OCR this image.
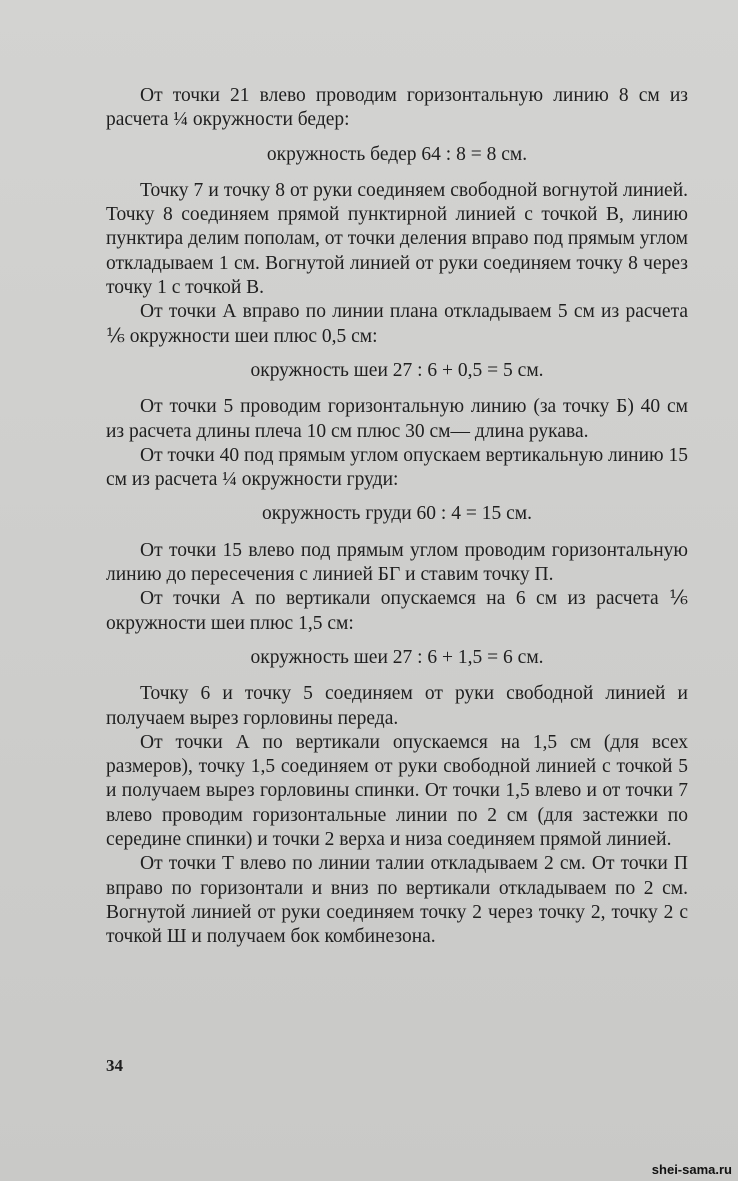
От точки 21 влево проводим горизонтальную линию 8 см из расчета ¼ окружности бедер:

окружность бедер 64 : 8 = 8 см.

Точку 7 и точку 8 от руки соединяем свободной вогнутой линией. Точку 8 соединяем прямой пунктирной линией с точкой В, линию пунктира делим пополам, от точки деления вправо под прямым углом откладываем 1 см. Вогнутой линией от руки соединяем точку 8 через точку 1 с точкой В.

От точки А вправо по линии плана откладываем 5 см из расчета ⅙ окружности шеи плюс 0,5 см:

окружность шеи 27 : 6 + 0,5 = 5 см.

От точки 5 проводим горизонтальную линию (за точку Б) 40 см из расчета длины плеча 10 см плюс 30 см— длина рукава.

От точки 40 под прямым углом опускаем вертикальную линию 15 см из расчета ¼ окружности груди:

окружность груди 60 : 4 = 15 см.

От точки 15 влево под прямым углом проводим горизонтальную линию до пересечения с линией БГ и ставим точку П.

От точки А по вертикали опускаемся на 6 см из расчета ⅙ окружности шеи плюс 1,5 см:

окружность шеи 27 : 6 + 1,5 = 6 см.

Точку 6 и точку 5 соединяем от руки свободной линией и получаем вырез горловины переда.

От точки А по вертикали опускаемся на 1,5 см (для всех размеров), точку 1,5 соединяем от руки свободной линией с точкой 5 и получаем вырез горловины спинки. От точки 1,5 влево и от точки 7 влево проводим горизонтальные линии по 2 см (для застежки по середине спинки) и точки 2 верха и низа соединяем прямой линией.

От точки Т влево по линии талии откладываем 2 см. От точки П вправо по горизонтали и вниз по вертикали откладываем по 2 см. Вогнутой линией от руки соединяем точку 2 через точку 2, точку 2 с точкой Ш и получаем бок комбинезона.

34
shei-sama.ru
